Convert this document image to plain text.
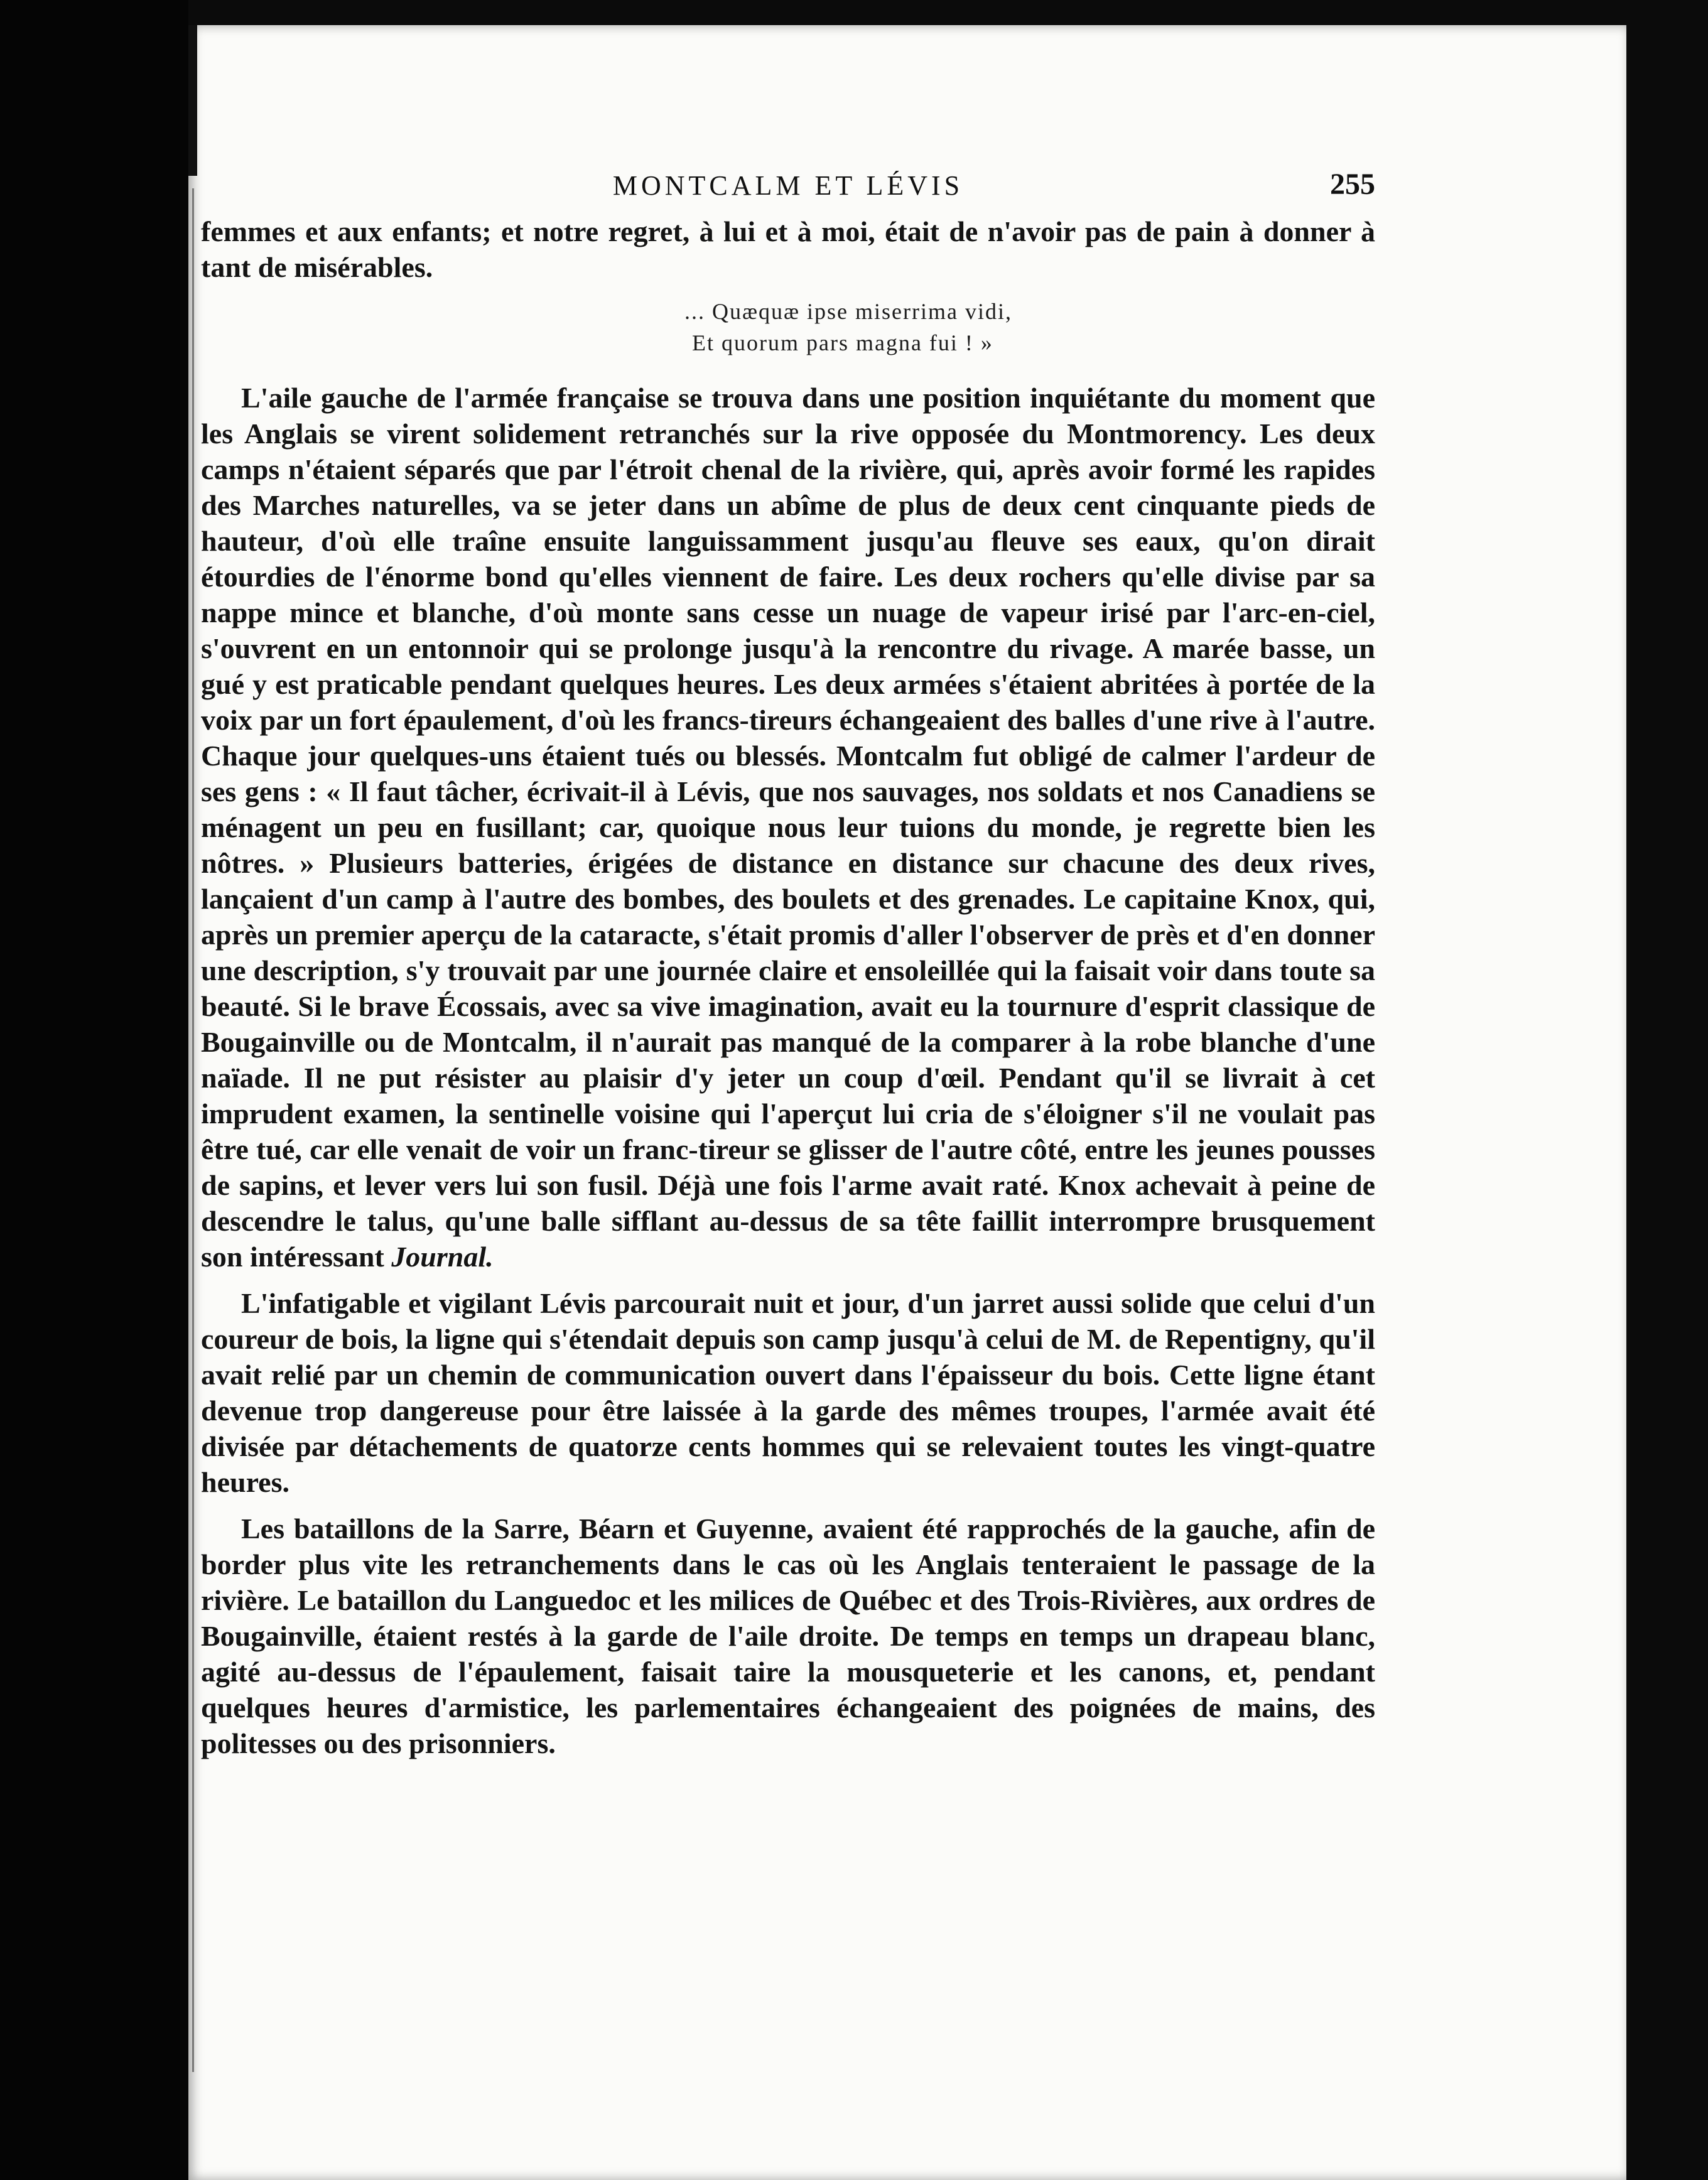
MONTCALM ET LÉVIS	255

femmes et aux enfants; et notre regret, à lui et à moi, était de n'avoir pas de pain à donner à tant de misérables.

... Quæquæ ipse miserrima vidi,
Et quorum pars magna fui ! »

L'aile gauche de l'armée française se trouva dans une position inquiétante du moment que les Anglais se virent solidement retranchés sur la rive opposée du Montmorency. Les deux camps n'étaient séparés que par l'étroit chenal de la rivière, qui, après avoir formé les rapides des Marches naturelles, va se jeter dans un abîme de plus de deux cent cinquante pieds de hauteur, d'où elle traîne ensuite languissamment jusqu'au fleuve ses eaux, qu'on dirait étourdies de l'énorme bond qu'elles viennent de faire. Les deux rochers qu'elle divise par sa nappe mince et blanche, d'où monte sans cesse un nuage de vapeur irisé par l'arc-en-ciel, s'ouvrent en un entonnoir qui se prolonge jusqu'à la rencontre du rivage. A marée basse, un gué y est praticable pendant quelques heures. Les deux armées s'étaient abritées à portée de la voix par un fort épaulement, d'où les francs-tireurs échangeaient des balles d'une rive à l'autre. Chaque jour quelques-uns étaient tués ou blessés. Montcalm fut obligé de calmer l'ardeur de ses gens : « Il faut tâcher, écrivait-il à Lévis, que nos sauvages, nos soldats et nos Canadiens se ménagent un peu en fusillant; car, quoique nous leur tuions du monde, je regrette bien les nôtres. » Plusieurs batteries, érigées de distance en distance sur chacune des deux rives, lançaient d'un camp à l'autre des bombes, des boulets et des grenades. Le capitaine Knox, qui, après un premier aperçu de la cataracte, s'était promis d'aller l'observer de près et d'en donner une description, s'y trouvait par une journée claire et ensoleillée qui la faisait voir dans toute sa beauté. Si le brave Écossais, avec sa vive imagination, avait eu la tournure d'esprit classique de Bougainville ou de Montcalm, il n'aurait pas manqué de la comparer à la robe blanche d'une naïade. Il ne put résister au plaisir d'y jeter un coup d'œil. Pendant qu'il se livrait à cet imprudent examen, la sentinelle voisine qui l'aperçut lui cria de s'éloigner s'il ne voulait pas être tué, car elle venait de voir un franc-tireur se glisser de l'autre côté, entre les jeunes pousses de sapins, et lever vers lui son fusil. Déjà une fois l'arme avait raté. Knox achevait à peine de descendre le talus, qu'une balle sifflant au-dessus de sa tête faillit interrompre brusquement son intéressant Journal.

L'infatigable et vigilant Lévis parcourait nuit et jour, d'un jarret aussi solide que celui d'un coureur de bois, la ligne qui s'étendait depuis son camp jusqu'à celui de M. de Repentigny, qu'il avait relié par un chemin de communication ouvert dans l'épaisseur du bois. Cette ligne étant devenue trop dangereuse pour être laissée à la garde des mêmes troupes, l'armée avait été divisée par détachements de quatorze cents hommes qui se relevaient toutes les vingt-quatre heures.

Les bataillons de la Sarre, Béarn et Guyenne, avaient été rapprochés de la gauche, afin de border plus vite les retranchements dans le cas où les Anglais tenteraient le passage de la rivière. Le bataillon du Languedoc et les milices de Québec et des Trois-Rivières, aux ordres de Bougainville, étaient restés à la garde de l'aile droite. De temps en temps un drapeau blanc, agité au-dessus de l'épaulement, faisait taire la mousqueterie et les canons, et, pendant quelques heures d'armistice, les parlementaires échangeaient des poignées de mains, des politesses ou des prisonniers.
